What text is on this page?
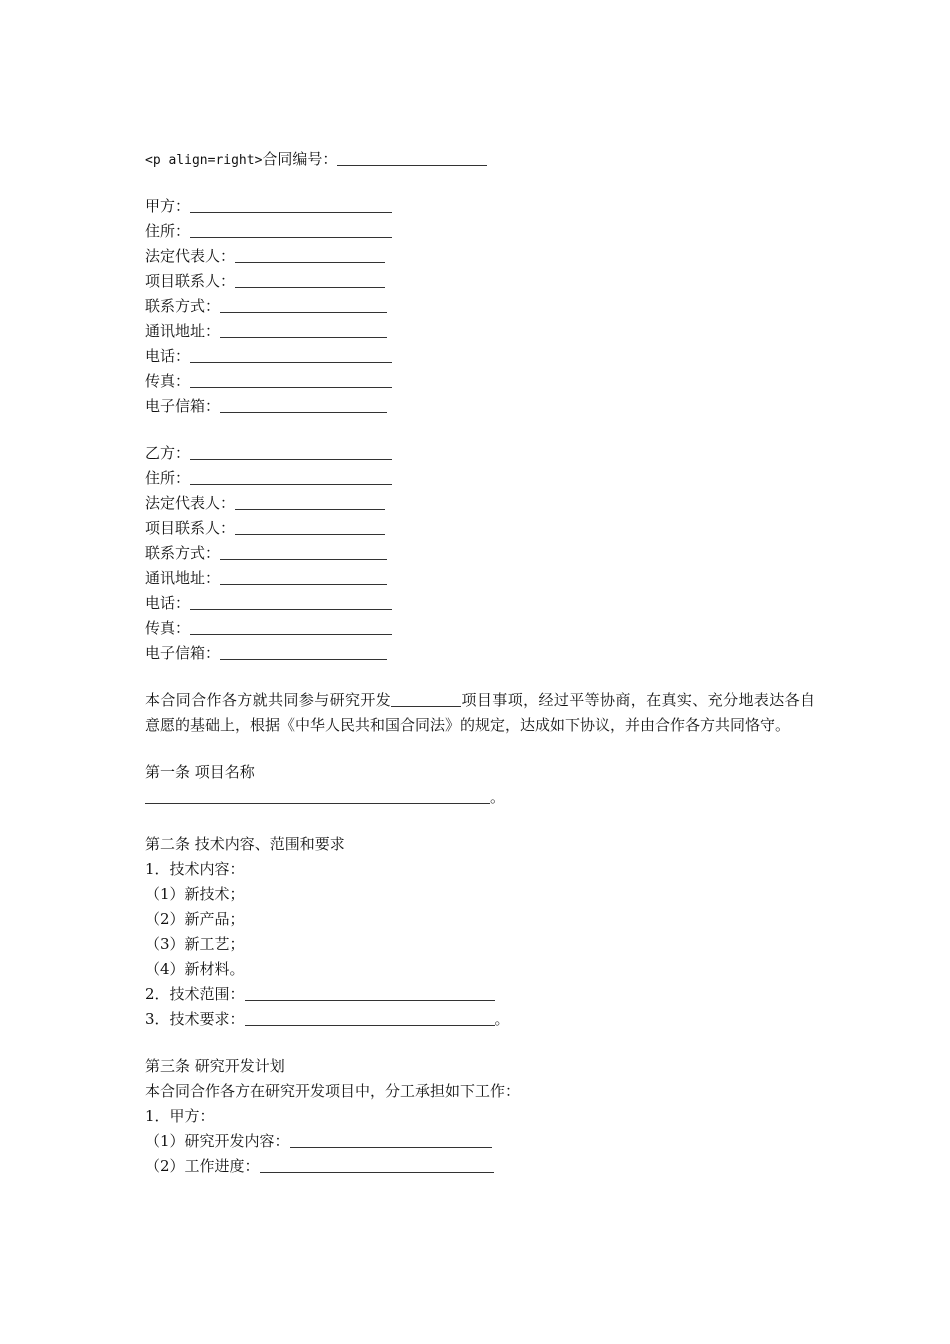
<p align=right>合同编号：
甲方：
住所：
法定代表人：
项目联系人：
联系方式：
通讯地址：
电话：
传真：
电子信箱：
乙方：
住所：
法定代表人：
项目联系人：
联系方式：
通讯地址：
电话：
传真：
电子信箱：
本合同合作各方就共同参与研究开发	项目事项，经过平等协商，在真实、充分地表达各自意愿的基础上，根据《中华人民共和国合同法》的规定，达成如下协议，并由合作各方共同恪守。
第一条 项目名称
。
第二条 技术内容、范围和要求
1．技术内容：
（1）新技术；
（2）新产品；
（3）新工艺；
（4）新材料。
2．技术范围：
3．技术要求：	。
第三条 研究开发计划
本合同合作各方在研究开发项目中，分工承担如下工作：
1．甲方：
（1）研究开发内容：
（2）工作进度：
